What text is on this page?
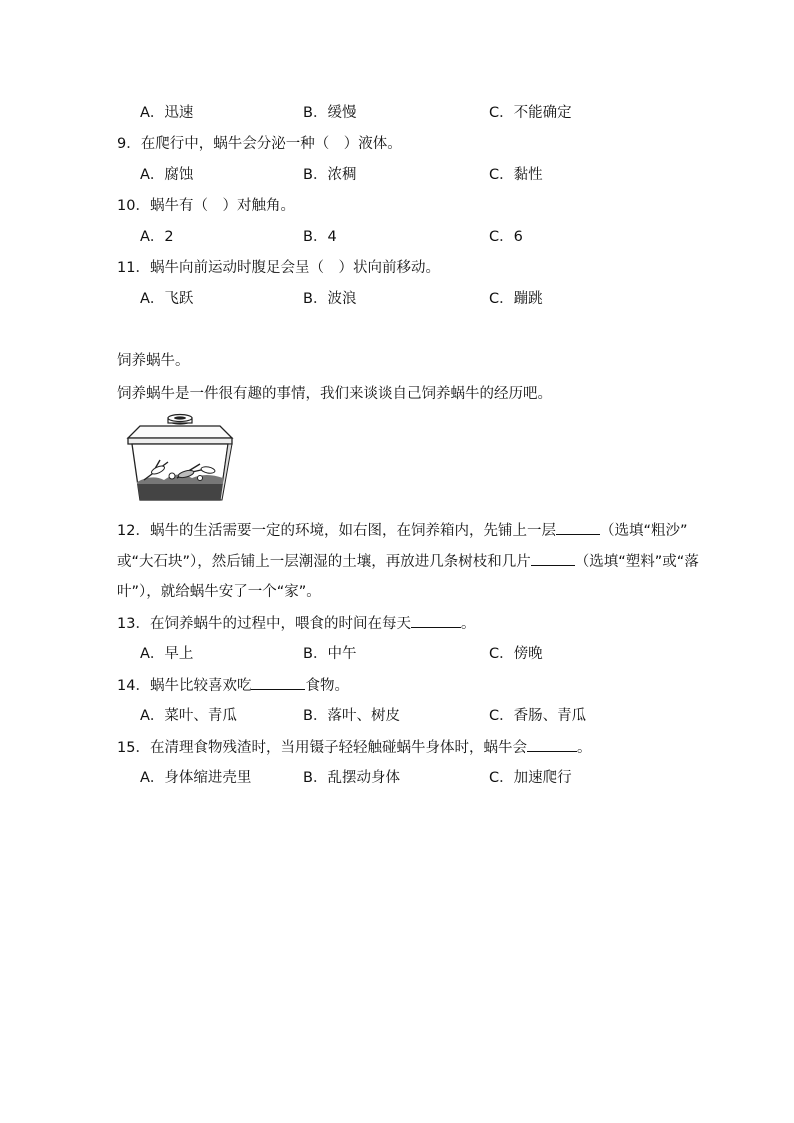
A．迅速	B．缓慢	C．不能确定
9．在爬行中，蜗牛会分泌一种（　）液体。
A．腐蚀	B．浓稠	C．黏性
10．蜗牛有（　）对触角。
A．2	B．4	C．6
11．蜗牛向前运动时腹足会呈（　）状向前移动。
A．飞跃	B．波浪	C．蹦跳
饲养蜗牛。
饲养蜗牛是一件很有趣的事情，我们来谈谈自己饲养蜗牛的经历吧。
12．蜗牛的生活需要一定的环境，如右图，在饲养箱内，先铺上一层	（选填“粗沙”
或“大石块”），然后铺上一层潮湿的土壤，再放进几条树枝和几片	（选填“塑料”或“落
叶”），就给蜗牛安了一个“家”。
13．在饲养蜗牛的过程中，喂食的时间在每天	。
A．早上	B．中午	C．傍晚
14．蜗牛比较喜欢吃	食物。
A．菜叶、青瓜	B．落叶、树皮	C．香肠、青瓜
15．在清理食物残渣时，当用镊子轻轻触碰蜗牛身体时，蜗牛会	。
A．身体缩进壳里	B．乱摆动身体	C．加速爬行
